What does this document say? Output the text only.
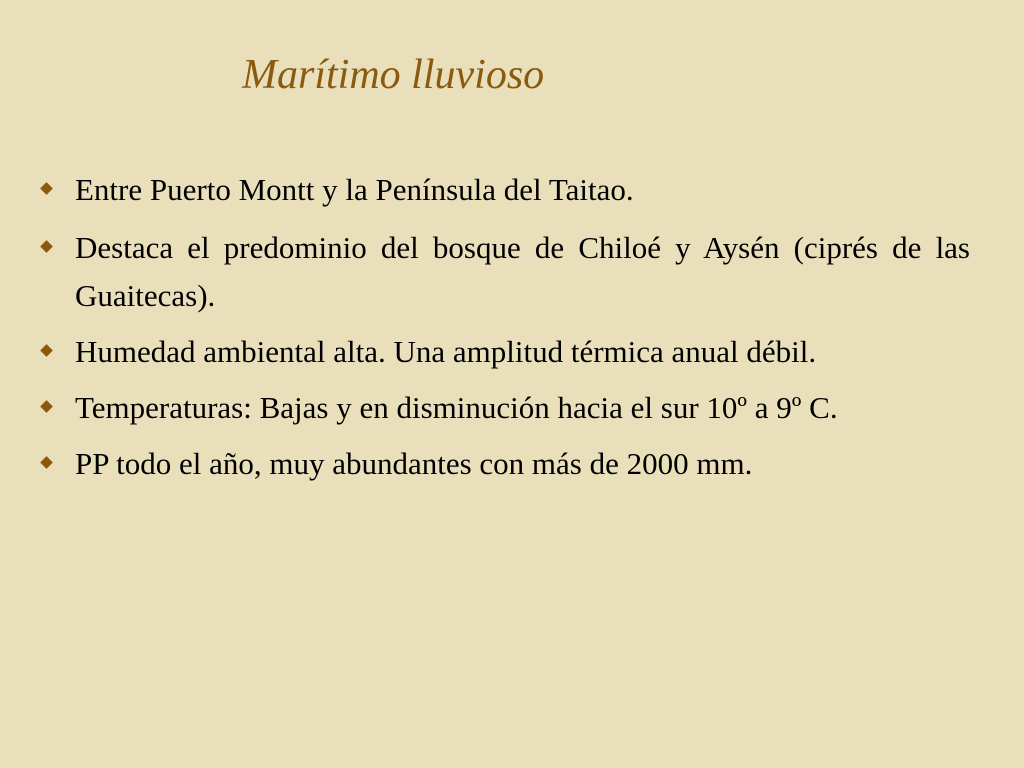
Marítimo lluvioso
Entre Puerto Montt y la Península del Taitao.
Destaca el predominio del bosque de Chiloé y Aysén (ciprés de las Guaitecas).
Humedad ambiental alta. Una amplitud térmica anual débil.
Temperaturas: Bajas y en disminución hacia el sur 10º a 9º C.
PP todo el año, muy abundantes con más de 2000 mm.
